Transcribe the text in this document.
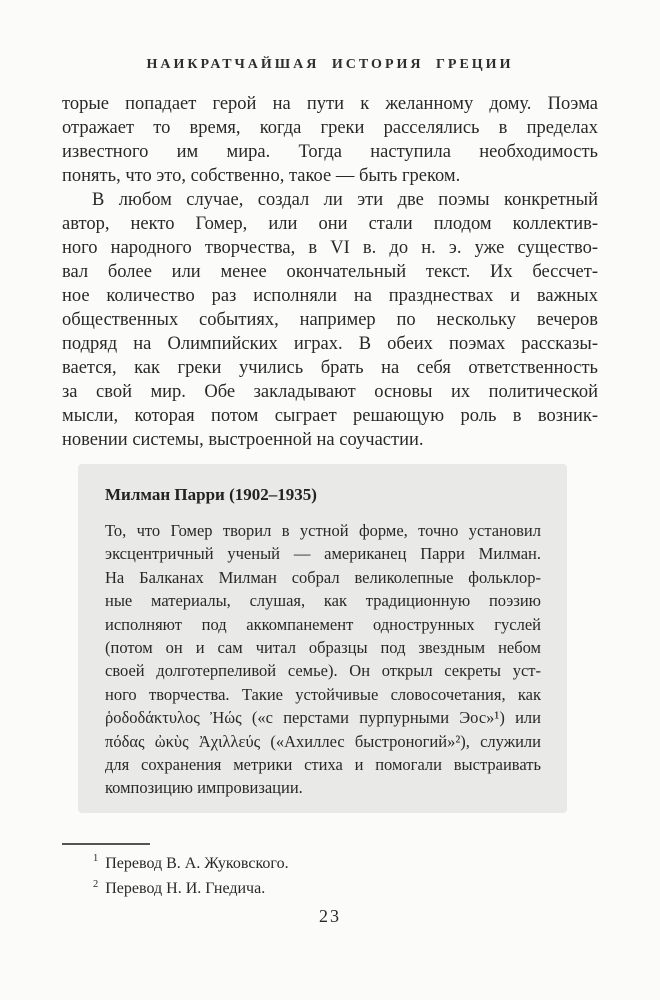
НАИКРАТЧАЙШАЯ ИСТОРИЯ ГРЕЦИИ
торые попадает герой на пути к желанному дому. Поэма
отражает то время, когда греки расселялись в пределах
известного им мира. Тогда наступила необходимость
понять, что это, собственно, такое — быть греком.
В любом случае, создал ли эти две поэмы конкретный
автор, некто Гомер, или они стали плодом коллектив-
ного народного творчества, в VI в. до н. э. уже существо-
вал более или менее окончательный текст. Их бессчет-
ное количество раз исполняли на празднествах и важных
общественных событиях, например по нескольку вечеров
подряд на Олимпийских играх. В обеих поэмах рассказы-
вается, как греки учились брать на себя ответственность
за свой мир. Обе закладывают основы их политической
мысли, которая потом сыграет решающую роль в возник-
новении системы, выстроенной на соучастии.
Милман Парри (1902–1935)
То, что Гомер творил в устной форме, точно установил
эксцентричный ученый — американец Парри Милман.
На Балканах Милман собрал великолепные фольклор-
ные материалы, слушая, как традиционную поэзию
исполняют под аккомпанемент однострунных гуслей
(потом он и сам читал образцы под звездным небом
своей долготерпеливой семье). Он открыл секреты уст-
ного творчества. Такие устойчивые словосочетания, как
ῥοδοδάκτυλος Ἠώς («с перстами пурпурными Эос»¹) или
πόδας ὠκὺς Ἀχιλλεύς («Ахиллес быстроногий»²), служили
для сохранения метрики стиха и помогали выстраивать
композицию импровизации.
$^1$ Перевод В. А. Жуковского.
$^2$ Перевод Н. И. Гнедича.
23
